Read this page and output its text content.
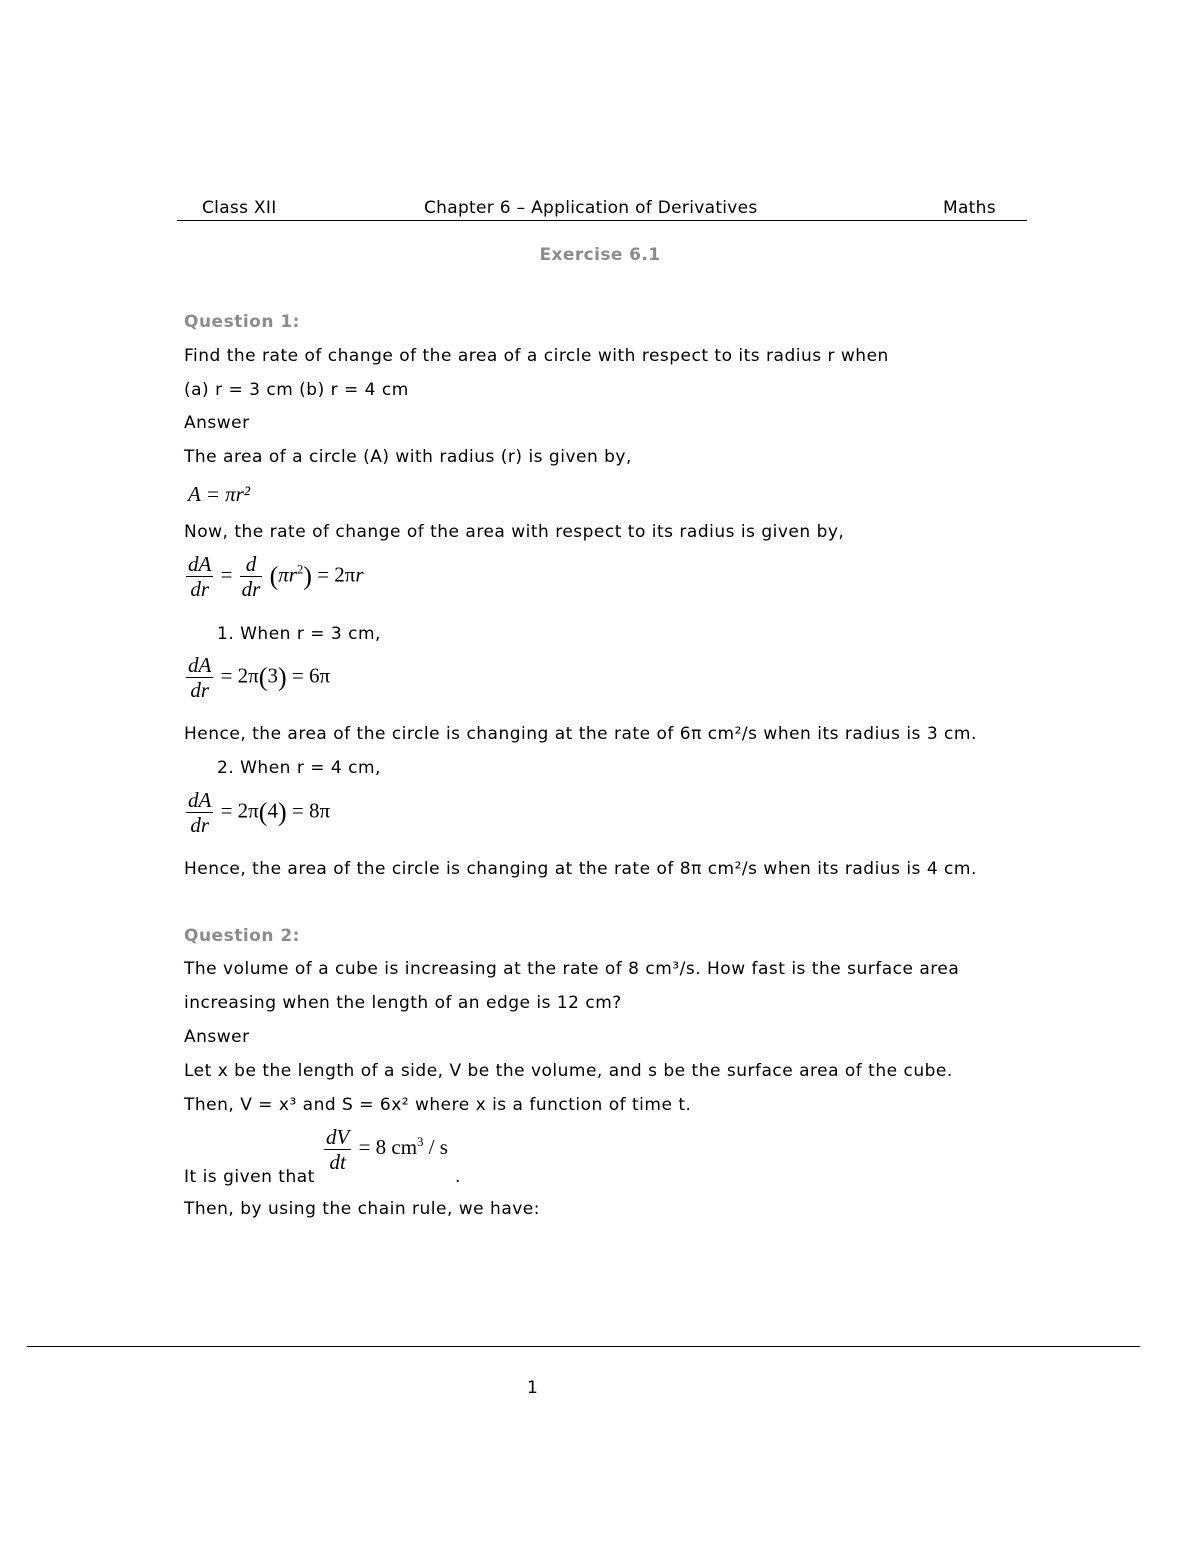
Class XII	Chapter 6 – Application of Derivatives	Maths
Exercise 6.1
Question 1:
Find the rate of change of the area of a circle with respect to its radius r when
(a) r = 3 cm (b) r = 4 cm
Answer
The area of a circle (A) with radius (r) is given by,
A = πr²
Now, the rate of change of the area with respect to its radius is given by,
$\frac{dA}{dr} = \frac{d}{dr} (\pi r^2) = 2\pi r$
1. When r = 3 cm,
$\frac{dA}{dr} = 2\pi(3) = 6\pi$
Hence, the area of the circle is changing at the rate of 6π cm²/s when its radius is 3 cm.
2. When r = 4 cm,
$\frac{dA}{dr} = 2\pi(4) = 8\pi$
Hence, the area of the circle is changing at the rate of 8π cm²/s when its radius is 4 cm.
Question 2:
The volume of a cube is increasing at the rate of 8 cm³/s. How fast is the surface area
increasing when the length of an edge is 12 cm?
Answer
Let x be the length of a side, V be the volume, and s be the surface area of the cube.
Then, V = x³ and S = 6x² where x is a function of time t.
It is given that
$\frac{dV}{dt} = 8$ $cm^3$ / s
.
Then, by using the chain rule, we have:
1
